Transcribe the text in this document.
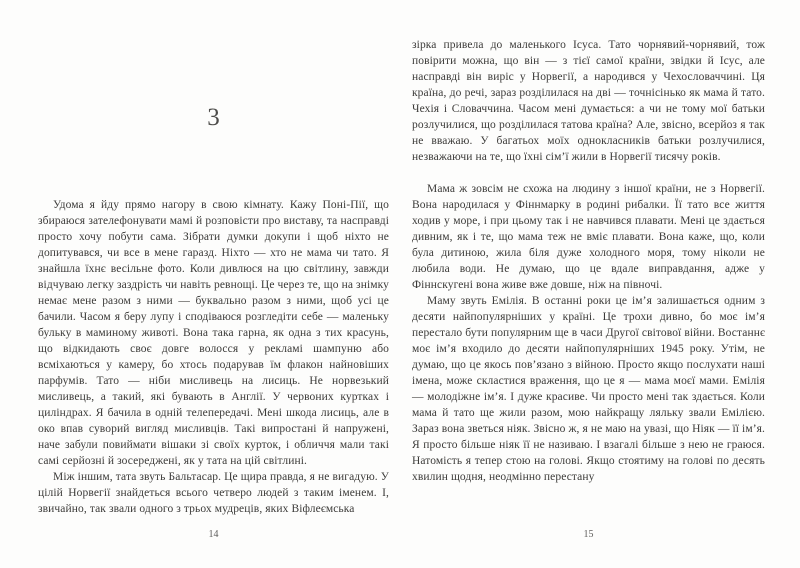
3

Удома я йду прямо нагору в свою кімнату. Кажу Поні-Пії, що збираюся зателефонувати мамі й розповісти про виставу, та насправді просто хочу побути сама. Зібрати думки докупи і щоб ніхто не допитувався, чи все в мене гаразд. Ніхто — хто не мама чи тато. Я знайшла їхнє весільне фото. Коли дивлюся на цю світлину, завжди відчуваю легку заздрість чи навіть ревнощі. Це через те, що на знімку немає мене разом з ними — буквально разом з ними, щоб усі це бачили. Часом я беру лупу і сподіваюся розгледіти себе — маленьку бульку в маминому животі. Вона така гарна, як одна з тих красунь, що відкидають своє довге волосся у рекламі шампуню або всміхаються у камеру, бо хтось подарував їм флакон найновіших парфумів. Тато — ніби мисливець на лисиць. Не норвезький мисливець, а такий, які бувають в Англії. У червоних куртках і циліндрах. Я бачила в одній телепередачі. Мені шкода лисиць, але в око впав суворий вигляд мисливців. Такі випростані й напружені, наче забули повиймати вішаки зі своїх курток, і обличчя мали такі самі серйозні й зосереджені, як у тата на цій світлині.

Між іншим, тата звуть Бальтасар. Це щира правда, я не вигадую. У цілій Норвегії знайдеться всього четверо людей з таким іменем. І, звичайно, так звали одного з трьох мудреців, яких Віфлеємська

14

зірка привела до маленького Ісуса. Тато чорнявий-чорнявий, тож повірити можна, що він — з тієї самої країни, звідки й Ісус, але насправді він виріс у Норвегії, а народився у Чехословаччині. Ця країна, до речі, зараз розділилася на дві — точнісінько як мама й тато. Чехія і Словаччина. Часом мені думається: а чи не тому мої батьки розлучилися, що розділилася татова країна? Але, звісно, всерйоз я так не вважаю. У багатьох моїх однокласників батьки розлучилися, незважаючи на те, що їхні сім’ї жили в Норвегії тисячу років.

Мама ж зовсім не схожа на людину з іншої країни, не з Норвегії. Вона народилася у Фіннмарку в родині рибалки. Її тато все життя ходив у море, і при цьому так і не навчився плавати. Мені це здається дивним, як і те, що мама теж не вміє плавати. Вона каже, що, коли була дитиною, жила біля дуже холодного моря, тому ніколи не любила води. Не думаю, що це вдале виправдання, адже у Фіннскугені вона живе вже довше, ніж на півночі.

Маму звуть Емілія. В останні роки це ім’я залишається одним з десяти найпопулярніших у країні. Це трохи дивно, бо моє ім’я перестало бути популярним ще в часи Другої світової війни. Востаннє моє ім’я входило до десяти найпопулярніших 1945 року. Утім, не думаю, що це якось пов’язано з війною. Просто якщо послухати наші імена, може скластися враження, що це я — мама моєї мами. Емілія — молодіжне ім’я. І дуже красиве. Чи просто мені так здається. Коли мама й тато ще жили разом, мою найкращу ляльку звали Емілією. Зараз вона зветься ніяк. Звісно ж, я не маю на увазі, що Ніяк — її ім’я. Я просто більше ніяк її не називаю. І взагалі більше з нею не граюся. Натомість я тепер стою на голові. Якщо стоятиму на голові по десять хвилин щодня, неодмінно перестану

15
